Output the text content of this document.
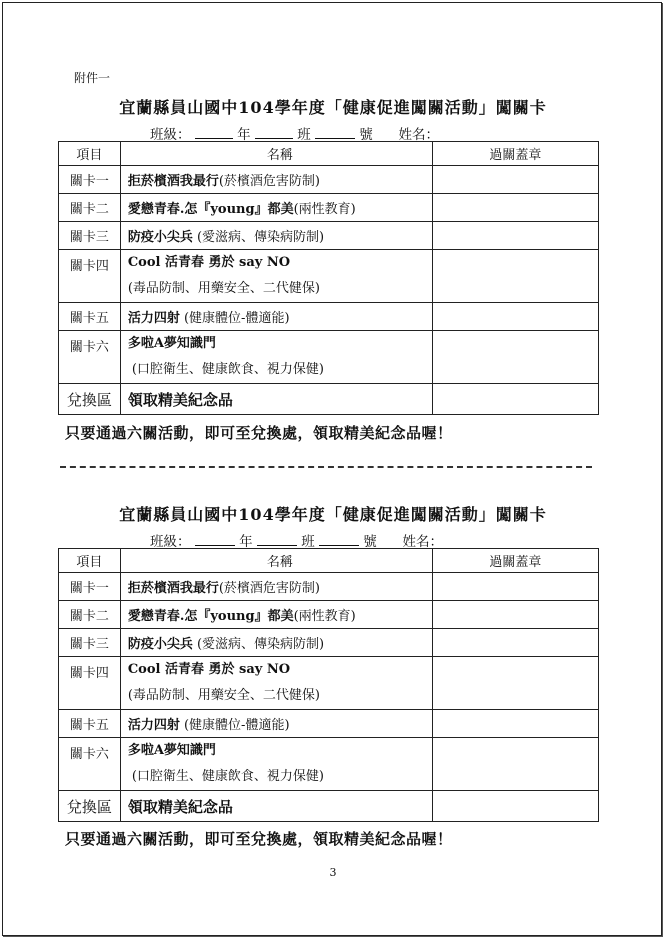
附件一
宜蘭縣員山國中104學年度「健康促進闖關活動」闖關卡
班級：	年	班	號 姓名：
項目	名稱	過關蓋章
關卡一	拒菸檳酒我最行(菸檳酒危害防制)	
關卡二	愛戀青春.怎『young』都美(兩性教育)	
關卡三	防疫小尖兵 (愛滋病、傳染病防制)	
關卡四	Cool 活青春 勇於 say NO
(毒品防制、用藥安全、二代健保)	

關卡五	活力四射 (健康體位-體適能)	
關卡六	多啦A夢知識門
(口腔衛生、健康飲食、視力保健)	

兌換區	領取精美紀念品	
只要通過六關活動，即可至兌換處，領取精美紀念品喔！
宜蘭縣員山國中104學年度「健康促進闖關活動」闖關卡
班級：	年	班	號 姓名：
項目	名稱	過關蓋章
關卡一	拒菸檳酒我最行(菸檳酒危害防制)	
關卡二	愛戀青春.怎『young』都美(兩性教育)	
關卡三	防疫小尖兵 (愛滋病、傳染病防制)	
關卡四	Cool 活青春 勇於 say NO
(毒品防制、用藥安全、二代健保)	

關卡五	活力四射 (健康體位-體適能)	
關卡六	多啦A夢知識門
(口腔衛生、健康飲食、視力保健)	

兌換區	領取精美紀念品	
只要通過六關活動，即可至兌換處，領取精美紀念品喔！
3
